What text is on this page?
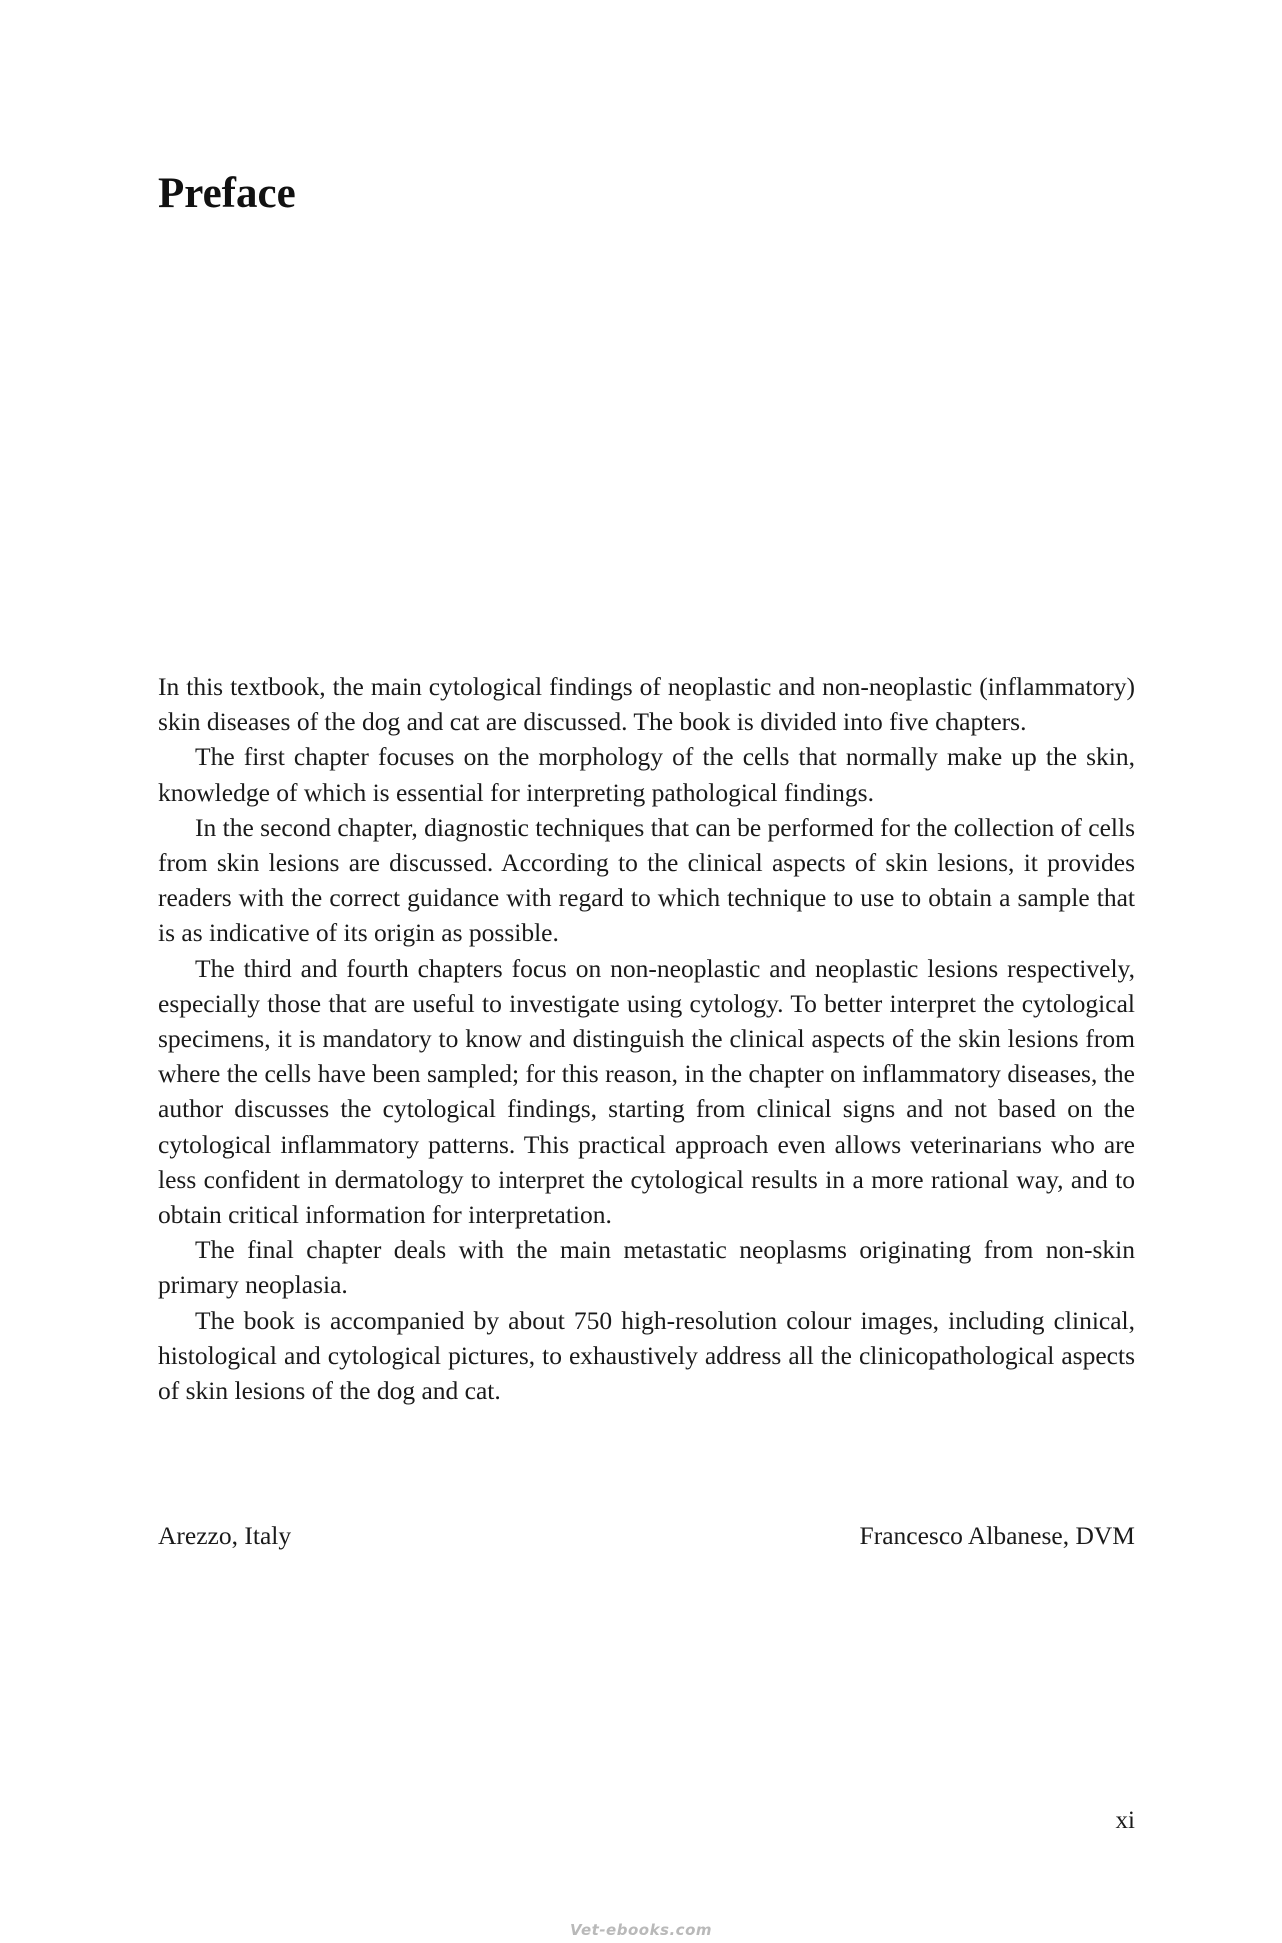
Preface

In this textbook, the main cytological findings of neoplastic and non-neoplastic (inflammatory) skin diseases of the dog and cat are discussed. The book is divided into five chapters.

The first chapter focuses on the morphology of the cells that normally make up the skin, knowledge of which is essential for interpreting pathological findings.

In the second chapter, diagnostic techniques that can be performed for the collection of cells from skin lesions are discussed. According to the clinical aspects of skin lesions, it provides readers with the correct guidance with regard to which technique to use to obtain a sample that is as indicative of its origin as possible.

The third and fourth chapters focus on non-neoplastic and neoplastic lesions respectively, especially those that are useful to investigate using cytology. To better interpret the cytological specimens, it is mandatory to know and distinguish the clinical aspects of the skin lesions from where the cells have been sampled; for this reason, in the chapter on inflammatory diseases, the author discusses the cytological findings, starting from clinical signs and not based on the cytological inflammatory patterns. This practical approach even allows veterinarians who are less confident in dermatology to interpret the cytological results in a more rational way, and to obtain critical information for interpretation.

The final chapter deals with the main metastatic neoplasms originating from non-skin primary neoplasia.

The book is accompanied by about 750 high-resolution colour images, including clinical, histological and cytological pictures, to exhaustively address all the clinicopathological aspects of skin lesions of the dog and cat.

Arezzo, Italy	Francesco Albanese, DVM
xi
Vet-ebooks.com
